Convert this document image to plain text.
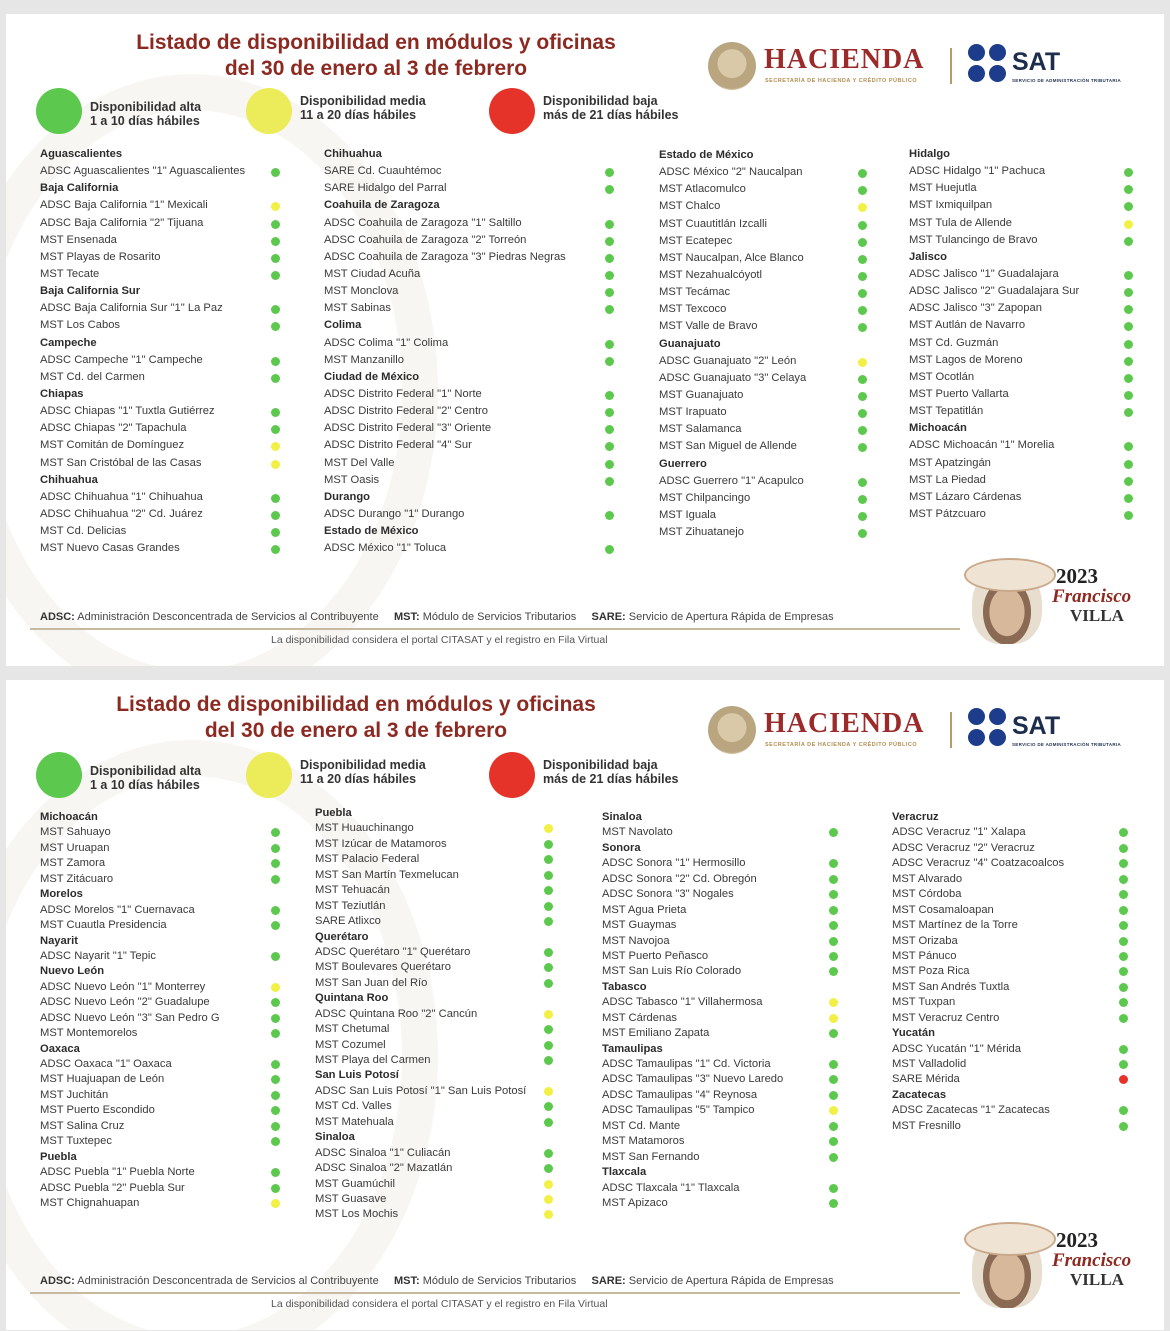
Listado de disponibilidad en módulos y oficinas
del 30 de enero al 3 de febrero	HACIENDA
SECRETARÍA DE HACIENDA Y CRÉDITO PÚBLICO
SAT
SERVICIO DE ADMINISTRACIÓN TRIBUTARIA
Disponibilidad alta
1 a 10 días hábiles
Disponibilidad media
11 a 20 días hábiles
Disponibilidad baja
más de 21 días hábiles
Aguascalientes
ADSC Aguascalientes "1" Aguascalientes
Baja California
ADSC Baja California "1" Mexicali
ADSC Baja California "2" Tijuana
MST Ensenada
MST Playas de Rosarito
MST Tecate
Baja California Sur
ADSC Baja California Sur "1" La Paz
MST Los Cabos
Campeche
ADSC Campeche "1" Campeche
MST Cd. del Carmen
Chiapas
ADSC Chiapas "1" Tuxtla Gutiérrez
ADSC Chiapas "2" Tapachula
MST Comitán de Domínguez
MST San Cristóbal de las Casas
Chihuahua
ADSC Chihuahua "1" Chihuahua
ADSC Chihuahua "2" Cd. Juárez
MST Cd. Delicias
MST Nuevo Casas Grandes
Chihuahua
SARE Cd. Cuauhtémoc
SARE Hidalgo del Parral
Coahuila de Zaragoza
ADSC Coahuila de Zaragoza "1" Saltillo
ADSC Coahuila de Zaragoza "2" Torreón
ADSC Coahuila de Zaragoza "3" Piedras Negras
MST Ciudad Acuña
MST Monclova
MST Sabinas
Colima
ADSC Colima "1" Colima
MST Manzanillo
Ciudad de México
ADSC Distrito Federal "1" Norte
ADSC Distrito Federal "2" Centro
ADSC Distrito Federal "3" Oriente
ADSC Distrito Federal "4" Sur
MST Del Valle
MST Oasis
Durango
ADSC Durango "1" Durango
Estado de México
ADSC México "1" Toluca
Estado de México
ADSC México "2" Naucalpan
MST Atlacomulco
MST Chalco
MST Cuautitlán Izcalli
MST Ecatepec
MST Naucalpan, Alce Blanco
MST Nezahualcóyotl
MST Tecámac
MST Texcoco
MST Valle de Bravo
Guanajuato
ADSC Guanajuato "2" León
ADSC Guanajuato "3" Celaya
MST Guanajuato
MST Irapuato
MST Salamanca
MST San Miguel de Allende
Guerrero
ADSC Guerrero "1" Acapulco
MST Chilpancingo
MST Iguala
MST Zihuatanejo
Hidalgo
ADSC Hidalgo "1" Pachuca
MST Huejutla
MST Ixmiquilpan
MST Tula de Allende
MST Tulancingo de Bravo
Jalisco
ADSC Jalisco "1" Guadalajara
ADSC Jalisco "2" Guadalajara Sur
ADSC Jalisco "3" Zapopan
MST Autlán de Navarro
MST Cd. Guzmán
MST Lagos de Moreno
MST Ocotlán
MST Puerto Vallarta
MST Tepatitlán
Michoacán
ADSC Michoacán "1" Morelia
MST Apatzingán
MST La Piedad
MST Lázaro Cárdenas
MST Pátzcuaro
ADSC: Administración Desconcentrada de Servicios al Contribuyente MST: Módulo de Servicios Tributarios SARE: Servicio de Apertura Rápida de Empresas
La disponibilidad considera el portal CITASAT y el registro en Fila Virtual
2023
Francisco
VILLA
Listado de disponibilidad en módulos y oficinas
del 30 de enero al 3 de febrero	HACIENDA
SECRETARÍA DE HACIENDA Y CRÉDITO PÚBLICO
SAT
SERVICIO DE ADMINISTRACIÓN TRIBUTARIA
Disponibilidad alta
1 a 10 días hábiles
Disponibilidad media
11 a 20 días hábiles
Disponibilidad baja
más de 21 días hábiles
Michoacán
MST Sahuayo
MST Uruapan
MST Zamora
MST Zitácuaro
Morelos
ADSC Morelos "1" Cuernavaca
MST Cuautla Presidencia
Nayarit
ADSC Nayarit "1" Tepic
Nuevo León
ADSC Nuevo León "1" Monterrey
ADSC Nuevo León "2" Guadalupe
ADSC Nuevo León "3" San Pedro G
MST Montemorelos
Oaxaca
ADSC Oaxaca "1" Oaxaca
MST Huajuapan de León
MST Juchitán
MST Puerto Escondido
MST Salina Cruz
MST Tuxtepec
Puebla
ADSC Puebla "1" Puebla Norte
ADSC Puebla "2" Puebla Sur
MST Chignahuapan
Puebla
MST Huauchinango
MST Izúcar de Matamoros
MST Palacio Federal
MST San Martín Texmelucan
MST Tehuacán
MST Teziutlán
SARE Atlixco
Querétaro
ADSC Querétaro "1" Querétaro
MST Boulevares Querétaro
MST San Juan del Río
Quintana Roo
ADSC Quintana Roo "2" Cancún
MST Chetumal
MST Cozumel
MST Playa del Carmen
San Luis Potosí
ADSC San Luis Potosí "1" San Luis Potosí
MST Cd. Valles
MST Matehuala
Sinaloa
ADSC Sinaloa "1" Culiacán
ADSC Sinaloa "2" Mazatlán
MST Guamúchil
MST Guasave
MST Los Mochis
Sinaloa
MST Navolato
Sonora
ADSC Sonora "1" Hermosillo
ADSC Sonora "2" Cd. Obregón
ADSC Sonora "3" Nogales
MST Agua Prieta
MST Guaymas
MST Navojoa
MST Puerto Peñasco
MST San Luis Río Colorado
Tabasco
ADSC Tabasco "1" Villahermosa
MST Cárdenas
MST Emiliano Zapata
Tamaulipas
ADSC Tamaulipas "1" Cd. Victoria
ADSC Tamaulipas "3" Nuevo Laredo
ADSC Tamaulipas "4" Reynosa
ADSC Tamaulipas "5" Tampico
MST Cd. Mante
MST Matamoros
MST San Fernando
Tlaxcala
ADSC Tlaxcala "1" Tlaxcala
MST Apizaco
Veracruz
ADSC Veracruz "1" Xalapa
ADSC Veracruz "2" Veracruz
ADSC Veracruz "4" Coatzacoalcos
MST Alvarado
MST Córdoba
MST Cosamaloapan
MST Martínez de la Torre
MST Orizaba
MST Pánuco
MST Poza Rica
MST San Andrés Tuxtla
MST Tuxpan
MST Veracruz Centro
Yucatán
ADSC Yucatán "1" Mérida
MST Valladolid
SARE Mérida
Zacatecas
ADSC Zacatecas "1" Zacatecas
MST Fresnillo
ADSC: Administración Desconcentrada de Servicios al Contribuyente MST: Módulo de Servicios Tributarios SARE: Servicio de Apertura Rápida de Empresas
La disponibilidad considera el portal CITASAT y el registro en Fila Virtual
2023
Francisco
VILLA
